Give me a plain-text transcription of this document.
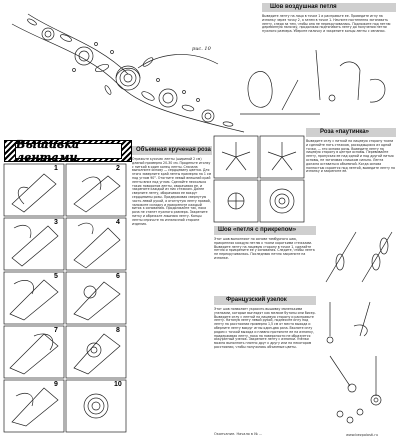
рис. 10
Шов воздушная петля
Выведите ленту на лицо в точке 1 и расправьте ее. Проведите иглу на изнанку через точку 2, а затем в точке 1. Начните постепенно затягивать ленту, следя за тем, чтобы она не перекручивалась. Подложите под петлю деревянную палочку, продолжая подтягивать ленту до получения петли нужного размера. Уберите палочку и закрепите концы ленты с изнанки.
Вышивка лентами
1	2
3	4
5	6
7	8
9	10
Объемная крученая роза
Отрежьте кусочек ленты (шириной 2 см) длиной примерно 20-30 см. Проденьте иголку с ниткой в один конец ленты. Сначала выполните основу — сердцевину цветка. Для этого заверните край ленты примерно на 1 см под углом 90°. Отогните левый внешний край ленты вниз под углом. Сделайте несколько таких поворотов ленты, сворачивая ее, и закрепите каждый из них стежком. Далее сверните ленту, оборачивая ее вокруг сердцевины розы. Придерживая свернутую часть левой рукой, а отогнутую ленту правой, заложите складку и прикрепите каждый виток к основанию. Продолжайте так, пока роза не станет нужного размера. Закрепите нитку и обрежьте лишнюю ленту. Концы ленты спрячьте на изнаночной стороне изделия.
Роза «паутинка»
Выведите иглу с ниткой на лицевую сторону ткани и сделайте пять стежков, расходящихся из одной точки, — это основа розы. Выведите ленту на лицевую сторону в центре основы. Перевивайте ленту, пропуская ее над одной и под другой нитью основы, не затягивая слишком сильно. Лента должна оставаться объемной. Когда основа полностью скроется под лентой, выведите ленту на изнанку и закрепите ее.
Шов «петля с прикрепом»
Этот шов выполняют по основе тамбурного шва, прикрепляя каждую петлю к ткани короткими стежками. Выведите ленту на лицевую сторону в точке 1, сделайте петлю и прикрепите ее у основания. Следите, чтобы лента не перекручивалась. Последнюю петлю закрепите на изнанке.
Французский узелок
Этот шов позволяет украсить вышивку маленькими узелками, которые выглядят как мелкие бутоны или бисер. Выведите иглу с лентой на лицевую сторону и расправьте ленту. Натянув ленту левой рукой, поднесите иглу под ленту на расстоянии примерно 1,5 см от места выхода и оберните ленту вокруг иглы один-два раза. Вколите иглу рядом с точкой выхода и плавно протяните ее на изнанку, придерживая ленту, пока на поверхности не образуется аккуратный узелок. Закрепите ленту с изнанки. Узелки можно выполнять плотно друг к другу или на некотором расстоянии, чтобы получились объемные цветы.
Окончание. Начало в № ...	www.bezpolosti.ru
